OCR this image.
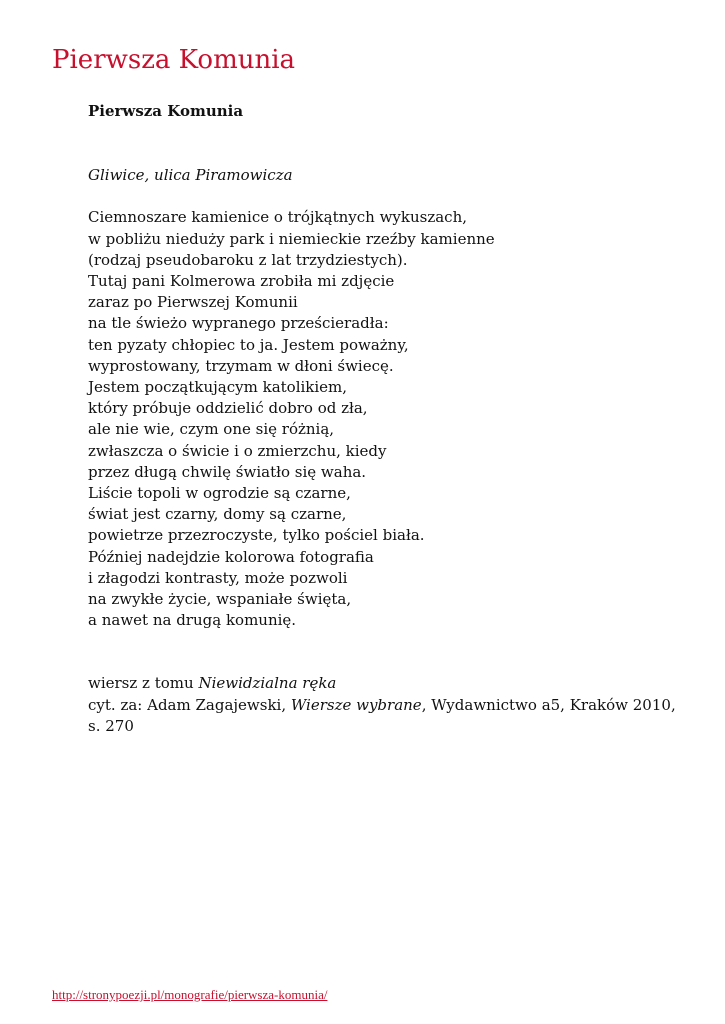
Pierwsza Komunia
Pierwsza Komunia

Gliwice, ulica Piramowicza

Ciemnoszare kamienice o trójkątnych wykuszach,
w pobliżu nieduży park i niemieckie rzeźby kamienne
(rodzaj pseudobaroku z lat trzydziestych).
Tutaj pani Kolmerowa zrobiła mi zdjęcie
zaraz po Pierwszej Komunii
na tle świeżo wypranego prześcieradła:
ten pyzaty chłopiec to ja. Jestem poważny,
wyprostowany, trzymam w dłoni świecę.
Jestem początkującym katolikiem,
który próbuje oddzielić dobro od zła,
ale nie wie, czym one się różnią,
zwłaszcza o świcie i o zmierzchu, kiedy
przez długą chwilę światło się waha.
Liście topoli w ogrodzie są czarne,
świat jest czarny, domy są czarne,
powietrze przezroczyste, tylko pościel biała.
Później nadejdzie kolorowa fotografia
i złagodzi kontrasty, może pozwoli
na zwykłe życie, wspaniałe święta,
a nawet na drugą komunię.
wiersz z tomu Niewidzialna ręka
cyt. za: Adam Zagajewski, Wiersze wybrane, Wydawnictwo a5, Kraków 2010, s. 270
http://stronypoezji.pl/monografie/pierwsza-komunia/
